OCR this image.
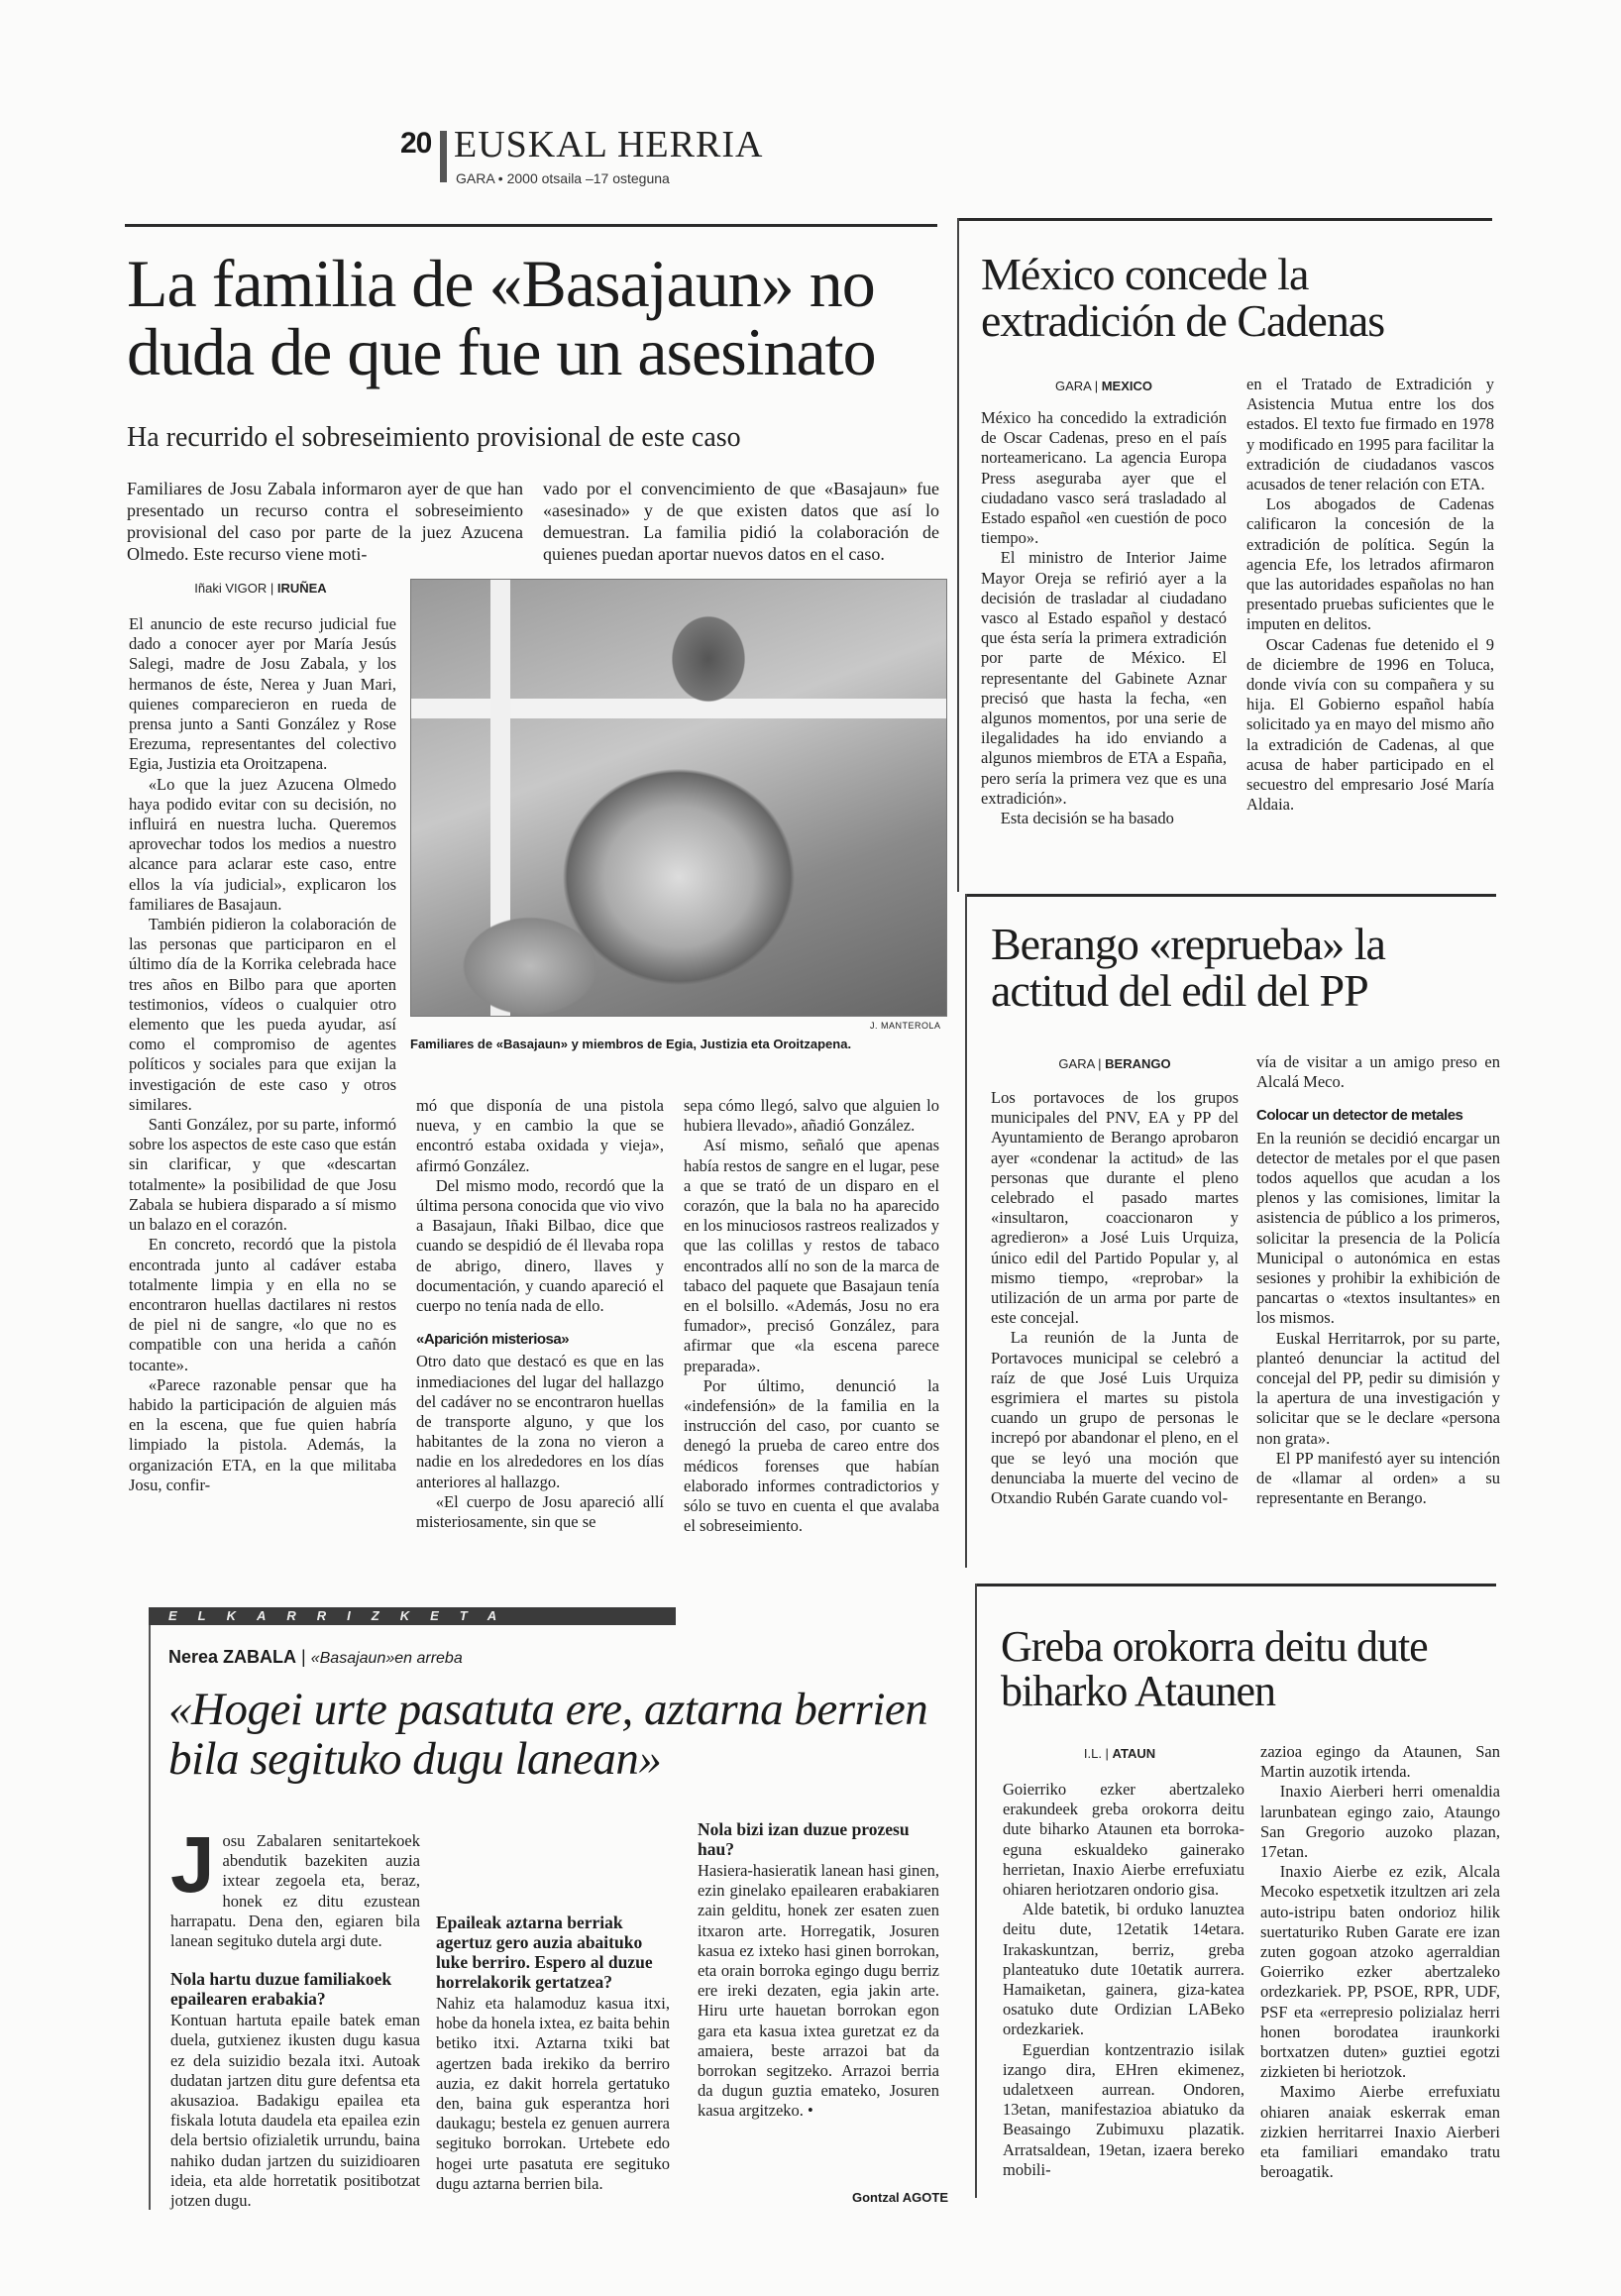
20 EUSKAL HERRIA
GARA • 2000 otsaila –17 osteguna
La familia de «Basajaun» no duda de que fue un asesinato
Ha recurrido el sobreseimiento provisional de este caso
Familiares de Josu Zabala informaron ayer de que han presentado un recurso contra el sobreseimiento provisional del caso por parte de la juez Azucena Olmedo. Este recurso viene moti-
vado por el convencimiento de que «Basajaun» fue «asesinado» y de que existen datos que así lo demuestran. La familia pidió la colaboración de quienes puedan aportar nuevos datos en el caso.
Iñaki VIGOR | IRUÑEA

El anuncio de este recurso judicial fue dado a conocer ayer por María Jesús Salegi, madre de Josu Zabala, y los hermanos de éste, Nerea y Juan Mari, quienes comparecieron en rueda de prensa junto a Santi González y Rose Erezuma, representantes del colectivo Egia, Justizia eta Oroitzapena.

«Lo que la juez Azucena Olmedo haya podido evitar con su decisión, no influirá en nuestra lucha. Queremos aprovechar todos los medios a nuestro alcance para aclarar este caso, entre ellos la vía judicial», explicaron los familiares de Basajaun.

También pidieron la colaboración de las personas que participaron en el último día de la Korrika celebrada hace tres años en Bilbo para que aporten testimonios, vídeos o cualquier otro elemento que les pueda ayudar, así como el compromiso de agentes políticos y sociales para que exijan la investigación de este caso y otros similares.

Santi González, por su parte, informó sobre los aspectos de este caso que están sin clarificar, y que «descartan totalmente» la posibilidad de que Josu Zabala se hubiera disparado a sí mismo un balazo en el corazón.

En concreto, recordó que la pistola encontrada junto al cadáver estaba totalmente limpia y en ella no se encontraron huellas dactilares ni restos de piel ni de sangre, «lo que no es compatible con una herida a cañón tocante».

«Parece razonable pensar que ha habido la participación de alguien más en la escena, que fue quien habría limpiado la pistola. Además, la organización ETA, en la que militaba Josu, confir-

J. MANTEROLA
Familiares de «Basajaun» y miembros de Egia, Justizia eta Oroitzapena.

mó que disponía de una pistola nueva, y en cambio la que se encontró estaba oxidada y vieja», afirmó González.

Del mismo modo, recordó que la última persona conocida que vio vivo a Basajaun, Iñaki Bilbao, dice que cuando se despidió de él llevaba ropa de abrigo, dinero, llaves y documentación, y cuando apareció el cuerpo no tenía nada de ello.

«Aparición misteriosa»

Otro dato que destacó es que en las inmediaciones del lugar del hallazgo del cadáver no se encontraron huellas de transporte alguno, y que los habitantes de la zona no vieron a nadie en los alrededores en los días anteriores al hallazgo.

«El cuerpo de Josu apareció allí misteriosamente, sin que se

sepa cómo llegó, salvo que alguien lo hubiera llevado», añadió González.

Así mismo, señaló que apenas había restos de sangre en el lugar, pese a que se trató de un disparo en el corazón, que la bala no ha aparecido en los minuciosos rastreos realizados y que las colillas y restos de tabaco encontrados allí no son de la marca de tabaco del paquete que Basajaun tenía en el bolsillo. «Además, Josu no era fumador», precisó González, para afirmar que «la escena parece preparada».

Por último, denunció la «indefensión» de la familia en la instrucción del caso, por cuanto se denegó la prueba de careo entre dos médicos forenses que habían elaborado informes contradictorios y sólo se tuvo en cuenta el que avalaba el sobreseimiento.

México concede la extradición de Cadenas
GARA | MEXICO

México ha concedido la extradición de Oscar Cadenas, preso en el país norteamericano. La agencia Europa Press aseguraba ayer que el ciudadano vasco será trasladado al Estado español «en cuestión de poco tiempo».

El ministro de Interior Jaime Mayor Oreja se refirió ayer a la decisión de trasladar al ciudadano vasco al Estado español y destacó que ésta sería la primera extradición por parte de México. El representante del Gabinete Aznar precisó que hasta la fecha, «en algunos momentos, por una serie de ilegalidades ha ido enviando a algunos miembros de ETA a España, pero sería la primera vez que es una extradición».

Esta decisión se ha basado

en el Tratado de Extradición y Asistencia Mutua entre los dos estados. El texto fue firmado en 1978 y modificado en 1995 para facilitar la extradición de ciudadanos vascos acusados de tener relación con ETA.

Los abogados de Cadenas calificaron la concesión de la extradición de política. Según la agencia Efe, los letrados afirmaron que las autoridades españolas no han presentado pruebas suficientes que le imputen en delitos.

Oscar Cadenas fue detenido el 9 de diciembre de 1996 en Toluca, donde vivía con su compañera y su hija. El Gobierno español había solicitado ya en mayo del mismo año la extradición de Cadenas, al que acusa de haber participado en el secuestro del empresario José María Aldaia.

Berango «reprueba» la actitud del edil del PP
GARA | BERANGO

Los portavoces de los grupos municipales del PNV, EA y PP del Ayuntamiento de Berango aprobaron ayer «condenar la actitud» de las personas que durante el pleno celebrado el pasado martes «insultaron, coaccionaron y agredieron» a José Luis Urquiza, único edil del Partido Popular y, al mismo tiempo, «reprobar» la utilización de un arma por parte de este concejal.

La reunión de la Junta de Portavoces municipal se celebró a raíz de que José Luis Urquiza esgrimiera el martes su pistola cuando un grupo de personas le increpó por abandonar el pleno, en el que se leyó una moción que denunciaba la muerte del vecino de Otxandio Rubén Garate cuando vol-

vía de visitar a un amigo preso en Alcalá Meco.

Colocar un detector de metales

En la reunión se decidió encargar un detector de metales por el que pasen todos aquellos que acudan a los plenos y las comisiones, limitar la asistencia de público a los primeros, solicitar la presencia de la Policía Municipal o autonómica en estas sesiones y prohibir la exhibición de pancartas o «textos insultantes» en los mismos.

Euskal Herritarrok, por su parte, planteó denunciar la actitud del concejal del PP, pedir su dimisión y la apertura de una investigación y solicitar que se le declare «persona non grata».

El PP manifestó ayer su intención de «llamar al orden» a su representante en Berango.

ELKARRIZKETA
Nerea ZABALA | «Basajaun»en arreba
«Hogei urte pasatuta ere, aztarna berrien bila segituko dugu lanean»
J osu Zabalaren senitartekoek abendutik bazekiten auzia ixtear zegoela eta, beraz, honek ez ditu ezustean harrapatu. Dena den, egiaren bila lanean segituko dutela argi dute.
Nola hartu duzue familiakoek epailearen erabakia?
Kontuan hartuta epaile batek eman duela, gutxienez ikusten dugu kasua ez dela suizidio bezala itxi. Autoak dudatan jartzen ditu gure defentsa eta akusazioa. Badakigu epailea eta fiskala lotuta daudela eta epailea ezin dela bertsio ofizialetik urrundu, baina nahiko dudan jartzen du suizidioaren ideia, eta alde horretatik positibotzat jotzen dugu.
Epaileak aztarna berriak agertuz gero auzia abaituko luke berriro. Espero al duzue horrelakorik gertatzea?
Nahiz eta halamoduz kasua itxi, hobe da honela ixtea, ez baita behin betiko itxi. Aztarna txiki bat agertzen bada irekiko da berriro auzia, ez dakit horrela gertatuko den, baina guk esperantza hori daukagu; bestela ez genuen aurrera segituko borrokan. Urtebete edo hogei urte pasatuta ere segituko dugu aztarna berrien bila.
Nola bizi izan duzue prozesu hau?
Hasiera-hasieratik lanean hasi ginen, ezin ginelako epailearen erabakiaren zain gelditu, honek zer esaten zuen itxaron arte. Horregatik, Josuren kasua ez ixteko hasi ginen borrokan, eta orain borroka egingo dugu berriz ere ireki dezaten, egia jakin arte. Hiru urte hauetan borrokan egon gara eta kasua ixtea guretzat ez da amaiera, beste arrazoi bat da borrokan segitzeko. Arrazoi berria da dugun guztia emateko, Josuren kasua argitzeko. •
Gontzal AGOTE
Greba orokorra deitu dute biharko Ataunen
I.L. | ATAUN

Goierriko ezker abertzaleko erakundeek greba orokorra deitu dute biharko Ataunen eta borroka-eguna eskualdeko gainerako herrietan, Inaxio Aierbe errefuxiatu ohiaren heriotzaren ondorio gisa.

Alde batetik, bi orduko lanuztea deitu dute, 12etatik 14etara. Irakaskuntzan, berriz, greba planteatuko dute 10etatik aurrera. Hamaiketan, gainera, giza-katea osatuko dute Ordizian LABeko ordezkariek.

Eguerdian kontzentrazio isilak izango dira, EHren ekimenez, udaletxeen aurrean. Ondoren, 13etan, manifestazioa abiatuko da Beasaingo Zubimuxu plazatik. Arratsaldean, 19etan, izaera bereko mobili-

zazioa egingo da Ataunen, San Martin auzotik irtenda.

Inaxio Aierberi herri omenaldia larunbatean egingo zaio, Ataungo San Gregorio auzoko plazan, 17etan.

Inaxio Aierbe ez ezik, Alcala Mecoko espetxetik itzultzen ari zela auto-istripu baten ondorioz hilik suertaturiko Ruben Garate ere izan zuten gogoan atzoko agerraldian Goierriko ezker abertzaleko ordezkariek. PP, PSOE, RPR, UDF, PSF eta «errepresio polizialaz herri honen borodatea iraunkorki bortxatzen duten» guztiei egotzi zizkieten bi heriotzok.

Maximo Aierbe errefuxiatu ohiaren anaiak eskerrak eman zizkien herritarrei Inaxio Aierberi eta familiari emandako tratu beroagatik.
